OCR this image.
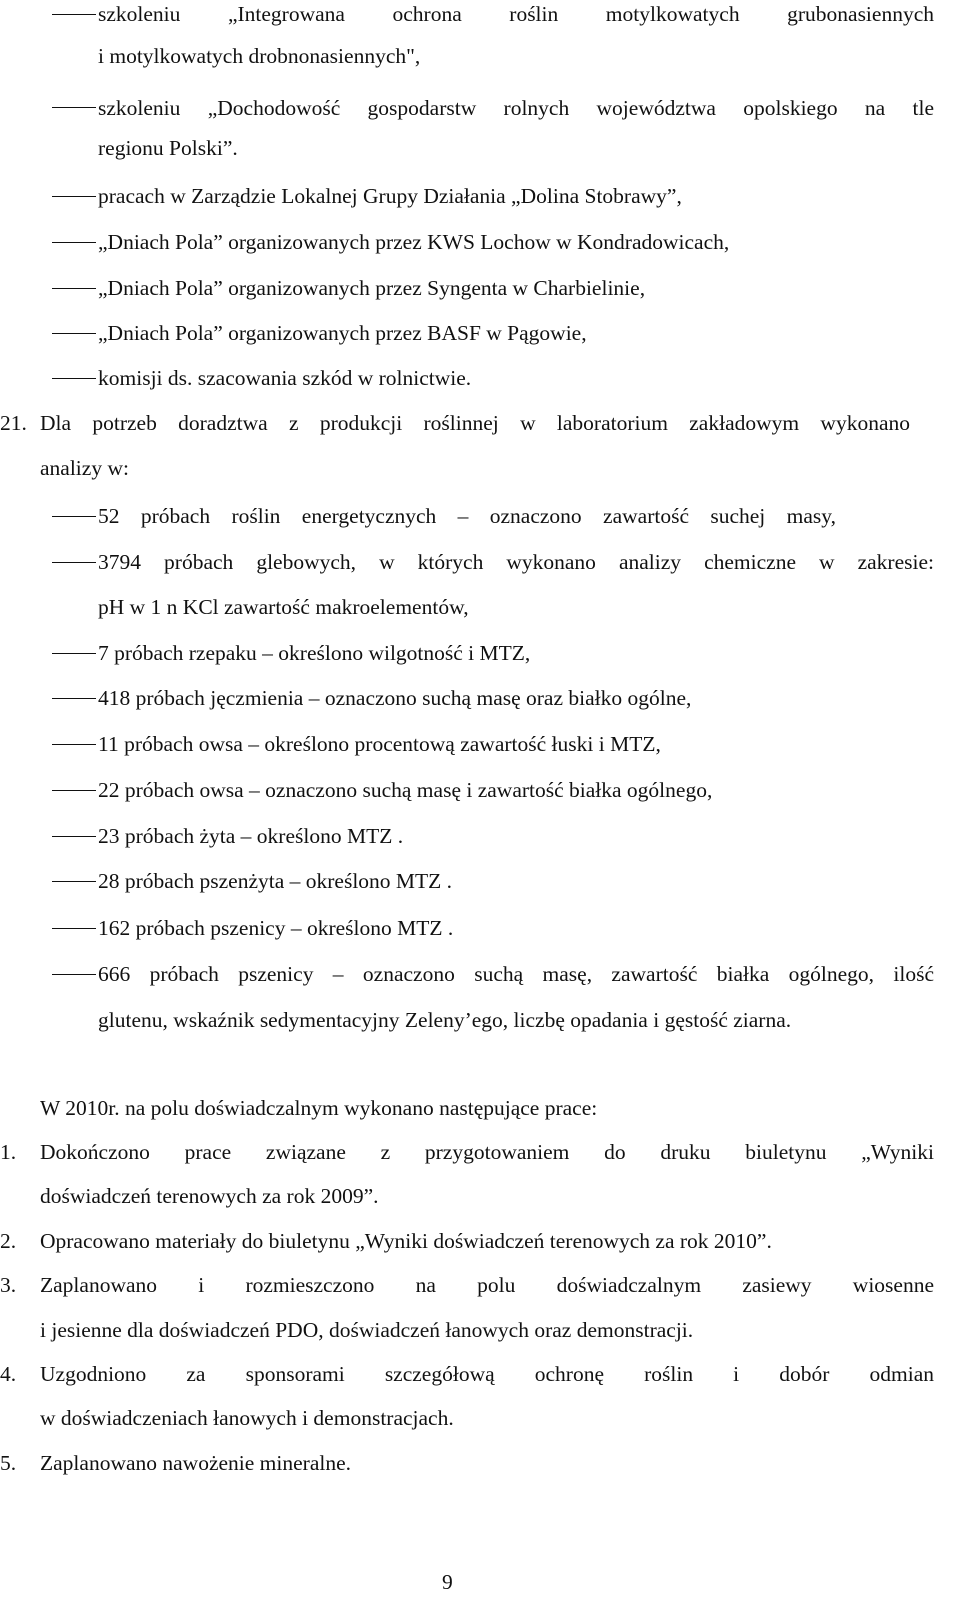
szkoleniu „Integrowana ochrona roślin motylkowatych grubonasiennych
i motylkowatych drobnonasiennych",
szkoleniu „Dochodowość gospodarstw rolnych województwa opolskiego na tle
regionu Polski”.
pracach w Zarządzie Lokalnej Grupy Działania „Dolina Stobrawy”,
„Dniach Pola” organizowanych przez KWS Lochow w Kondradowicach,
„Dniach Pola” organizowanych przez Syngenta w Charbielinie,
„Dniach Pola” organizowanych przez BASF w Pągowie,
komisji ds. szacowania szkód w rolnictwie.
21. Dla potrzeb doradztwa z produkcji roślinnej w laboratorium zakładowym wykonano
analizy w:
52 próbach roślin energetycznych – oznaczono zawartość suchej masy,
3794 próbach glebowych, w których wykonano analizy chemiczne w zakresie:
pH w 1 n KCl zawartość makroelementów,
7 próbach rzepaku – określono wilgotność i MTZ,
418 próbach jęczmienia – oznaczono suchą masę oraz białko ogólne,
11 próbach owsa – określono procentową zawartość łuski i MTZ,
22 próbach owsa – oznaczono suchą masę i zawartość białka ogólnego,
23 próbach żyta – określono MTZ .
28 próbach pszenżyta – określono MTZ .
162 próbach pszenicy – określono MTZ .
666 próbach pszenicy – oznaczono suchą masę, zawartość białka ogólnego, ilość
glutenu, wskaźnik sedymentacyjny Zeleny’ego, liczbę opadania i gęstość ziarna.
W 2010r. na polu doświadczalnym wykonano następujące prace:
1. Dokończono prace związane z przygotowaniem do druku biuletynu „Wyniki
doświadczeń terenowych za rok 2009”.
2. Opracowano materiały do biuletynu „Wyniki doświadczeń terenowych za rok 2010”.
3. Zaplanowano i rozmieszczono na polu doświadczalnym zasiewy wiosenne
i jesienne dla doświadczeń PDO, doświadczeń łanowych oraz demonstracji.
4. Uzgodniono za sponsorami szczegółową ochronę roślin i dobór odmian
w doświadczeniach łanowych i demonstracjach.
5. Zaplanowano nawożenie mineralne.
9
